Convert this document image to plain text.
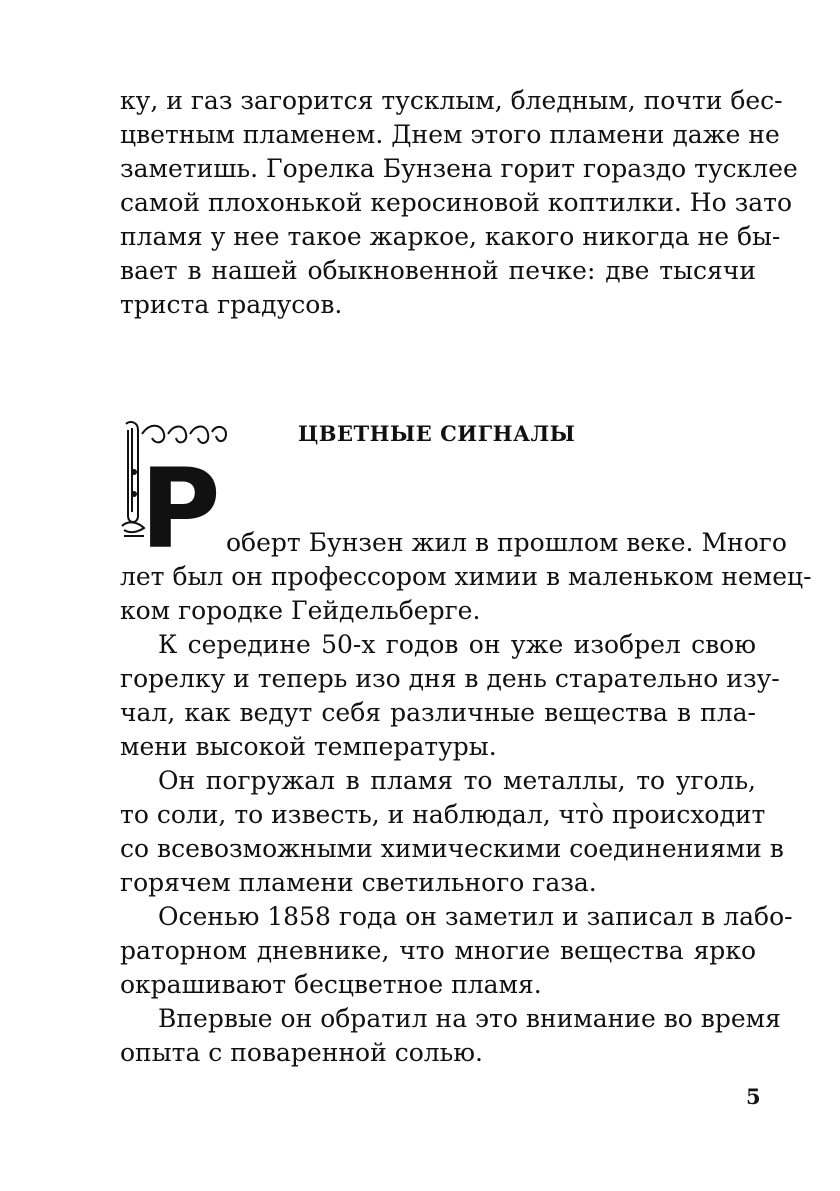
ку, и газ загорится тусклым, бледным, почти бес-
цветным пламенем. Днем этого пламени даже не
заметишь. Горелка Бунзена горит гораздо тусклее
самой плохонькой керосиновой коптилки. Но зато
пламя у нее такое жаркое, какого никогда не бы-
вает в нашей обыкновенной печке: две тысячи
триста градусов.
ЦВЕТНЫЕ СИГНАЛЫ
Р обeрт Бунзен жил в прошлом веке. Много
лет был он профессором химии в маленьком немец-
ком городке Гейдельберге.
К середине 50-х годов он уже изобрел свою
горелку и теперь изо дня в день старательно изу-
чал, как ведут себя различные вещества в пла-
мени высокой температуры.
Он погружал в пламя то металлы, то уголь,
то соли, то известь, и наблюдал, что̀ происходит
со всевозможными химическими соединениями в
горячем пламени светильного газа.
Осенью 1858 года он заметил и записал в лабо-
раторном дневнике, что многие вещества ярко
окрашивают бесцветное пламя.
Впервые он обратил на это внимание во время
опыта с поваренной солью.
5
